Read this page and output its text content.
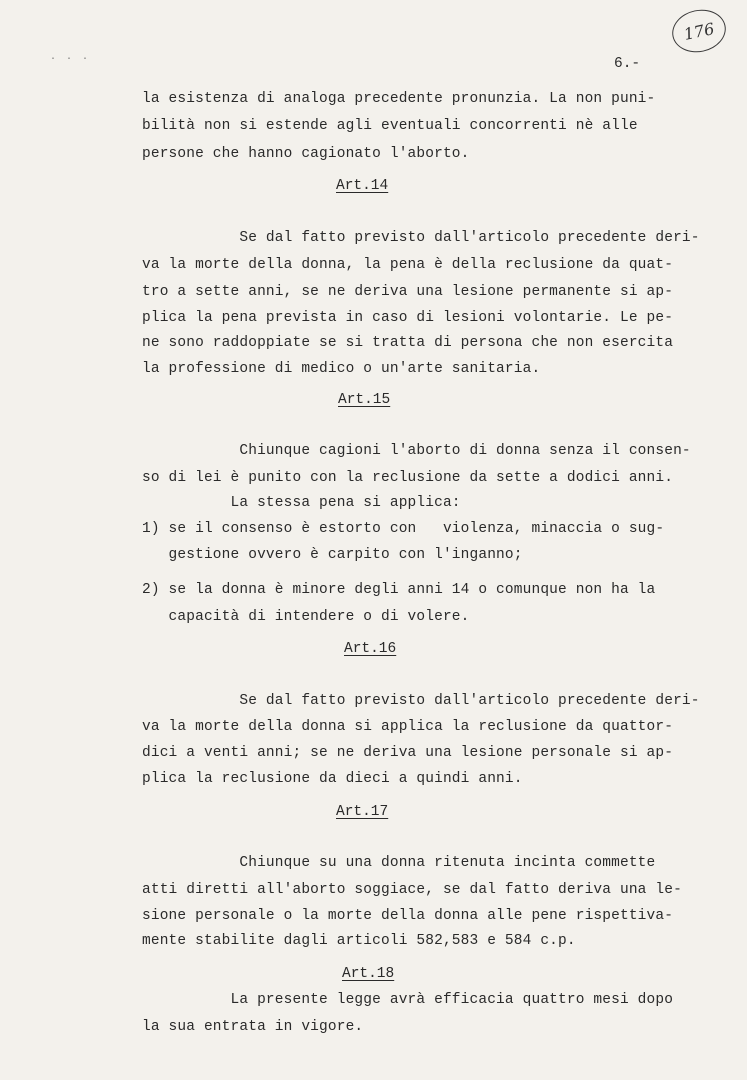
176
· · ·	6.-
la esistenza di analoga precedente pronunzia. La non puni-
bilità non si estende agli eventuali concorrenti nè alle
persone che hanno cagionato l'aborto.
Art.14
Se dal fatto previsto dall'articolo precedente deri-
va la morte della donna, la pena è della reclusione da quat-
tro a sette anni, se ne deriva una lesione permanente si ap-
plica la pena prevista in caso di lesioni volontarie. Le pe-
ne sono raddoppiate se si tratta di persona che non esercita
la professione di medico o un'arte sanitaria.
Art.15
Chiunque cagioni l'aborto di donna senza il consen-
so di lei è punito con la reclusione da sette a dodici anni.
La stessa pena si applica:
1) se il consenso è estorto con   violenza, minaccia o sug-
gestione ovvero è carpito con l'inganno;
2) se la donna è minore degli anni 14 o comunque non ha la
capacità di intendere o di volere.
Art.16
Se dal fatto previsto dall'articolo precedente deri-
va la morte della donna si applica la reclusione da quattor-
dici a venti anni; se ne deriva una lesione personale si ap-
plica la reclusione da dieci a quindi anni.
Art.17
Chiunque su una donna ritenuta incinta commette
atti diretti all'aborto soggiace, se dal fatto deriva una le-
sione personale o la morte della donna alle pene rispettiva-
mente stabilite dagli articoli 582,583 e 584 c.p.
Art.18
La presente legge avrà efficacia quattro mesi dopo
la sua entrata in vigore.
